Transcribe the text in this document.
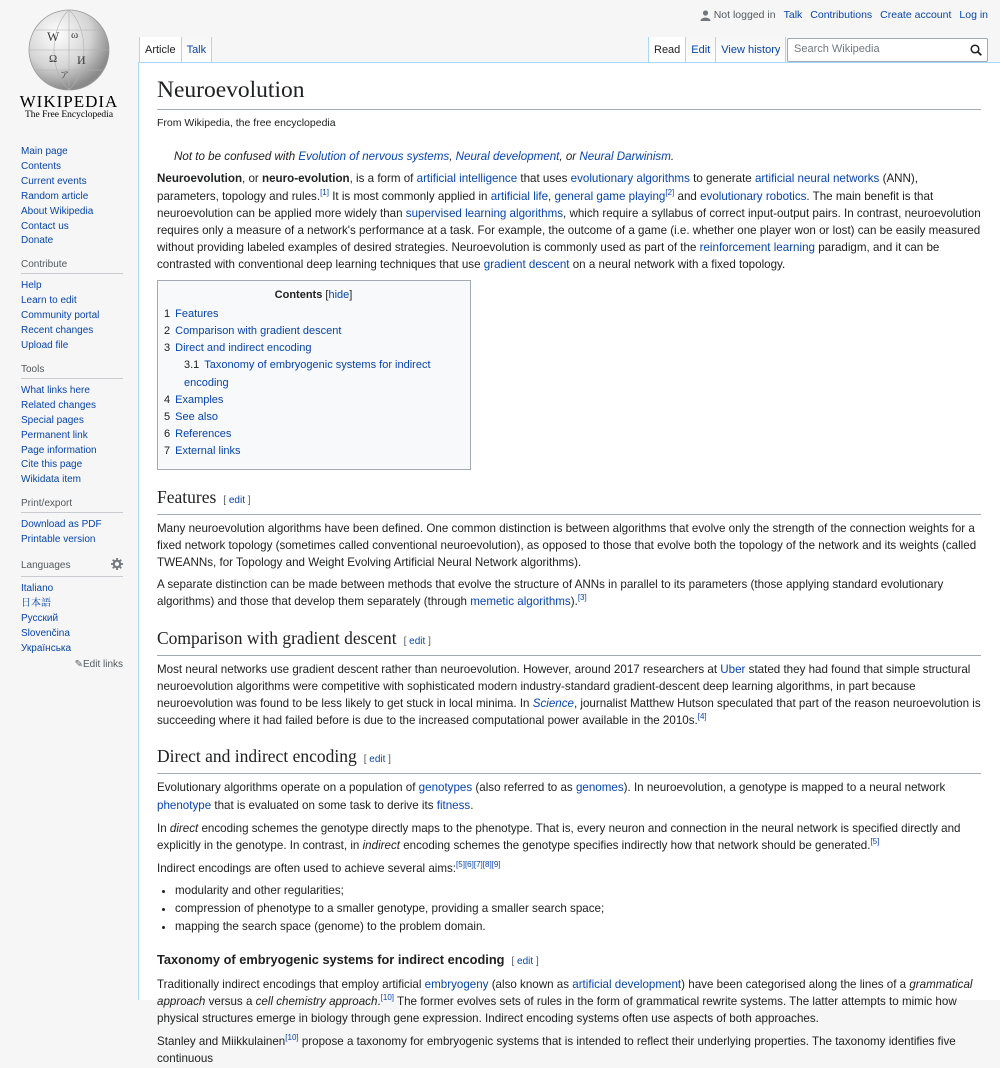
Not logged in Talk Contributions Create account Log in
W ω
Ω И
ア
WIKIPEDIA
The Free Encyclopedia
Main page
Contents
Current events
Random article
About Wikipedia
Contact us
Donate
Contribute
Help
Learn to edit
Community portal
Recent changes
Upload file
Tools
What links here
Related changes
Special pages
Permanent link
Page information
Cite this page
Wikidata item
Print/export
Download as PDF
Printable version
Languages
Italiano
日本語
Русский
Slovenčina
Українська
✎Edit links
Article	Talk	Read	Edit	View history	Search Wikipedia
Neuroevolution
From Wikipedia, the free encyclopedia
Not to be confused with Evolution of nervous systems, Neural development, or Neural Darwinism.

Neuroevolution, or neuro-evolution, is a form of artificial intelligence that uses evolutionary algorithms to generate artificial neural networks (ANN), parameters, topology and rules.[1] It is most commonly applied in artificial life, general game playing[2] and evolutionary robotics. The main benefit is that neuroevolution can be applied more widely than supervised learning algorithms, which require a syllabus of correct input-output pairs. In contrast, neuroevolution requires only a measure of a network's performance at a task. For example, the outcome of a game (i.e. whether one player won or lost) can be easily measured without providing labeled examples of desired strategies. Neuroevolution is commonly used as part of the reinforcement learning paradigm, and it can be contrasted with conventional deep learning techniques that use gradient descent on a neural network with a fixed topology.

Contents [hide]
1 Features
2 Comparison with gradient descent
3 Direct and indirect encoding
3.1 Taxonomy of embryogenic systems for indirect encoding
4 Examples
5 See also
6 References
7 External links
Features [ edit ]

Many neuroevolution algorithms have been defined. One common distinction is between algorithms that evolve only the strength of the connection weights for a fixed network topology (sometimes called conventional neuroevolution), as opposed to those that evolve both the topology of the network and its weights (called TWEANNs, for Topology and Weight Evolving Artificial Neural Network algorithms).

A separate distinction can be made between methods that evolve the structure of ANNs in parallel to its parameters (those applying standard evolutionary algorithms) and those that develop them separately (through memetic algorithms).[3]

Comparison with gradient descent [ edit ]

Most neural networks use gradient descent rather than neuroevolution. However, around 2017 researchers at Uber stated they had found that simple structural neuroevolution algorithms were competitive with sophisticated modern industry-standard gradient-descent deep learning algorithms, in part because neuroevolution was found to be less likely to get stuck in local minima. In Science, journalist Matthew Hutson speculated that part of the reason neuroevolution is succeeding where it had failed before is due to the increased computational power available in the 2010s.[4]

Direct and indirect encoding [ edit ]

Evolutionary algorithms operate on a population of genotypes (also referred to as genomes). In neuroevolution, a genotype is mapped to a neural network phenotype that is evaluated on some task to derive its fitness.

In direct encoding schemes the genotype directly maps to the phenotype. That is, every neuron and connection in the neural network is specified directly and explicitly in the genotype. In contrast, in indirect encoding schemes the genotype specifies indirectly how that network should be generated.[5]

Indirect encodings are often used to achieve several aims:[5][6][7][8][9]

• modularity and other regularities;
• compression of phenotype to a smaller genotype, providing a smaller search space;
• mapping the search space (genome) to the problem domain.
Taxonomy of embryogenic systems for indirect encoding [ edit ]

Traditionally indirect encodings that employ artificial embryogeny (also known as artificial development) have been categorised along the lines of a grammatical approach versus a cell chemistry approach.[10] The former evolves sets of rules in the form of grammatical rewrite systems. The latter attempts to mimic how physical structures emerge in biology through gene expression. Indirect encoding systems often use aspects of both approaches.

Stanley and Miikkulainen[10] propose a taxonomy for embryogenic systems that is intended to reflect their underlying properties. The taxonomy identifies five continuous
